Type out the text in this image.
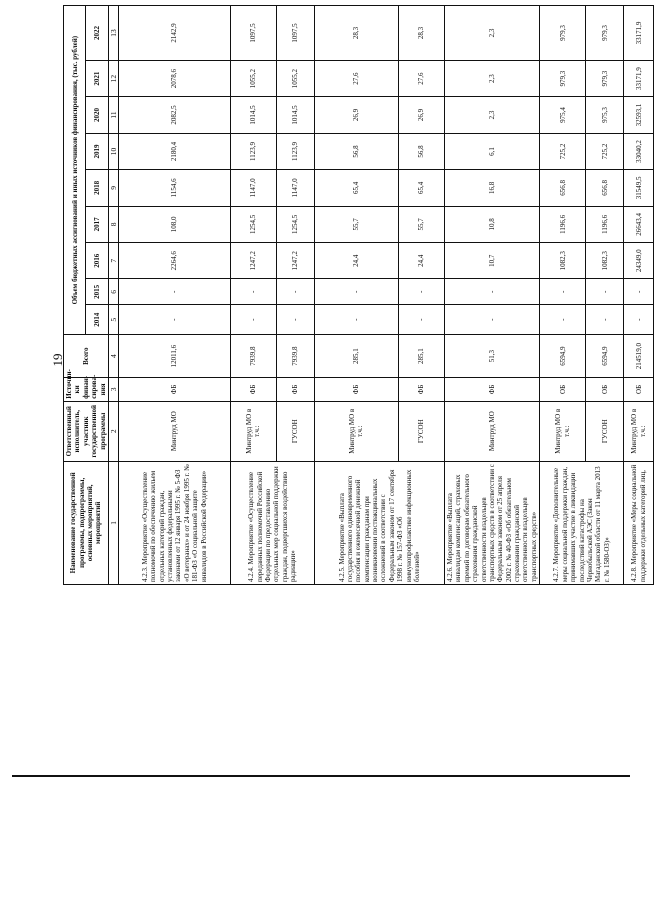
19
Наименование государственной программы, подпрограммы, основных мероприятий, мероприятий	Ответственный исполнитель, участник государственной программы	Источни-ки финан-сирова-ния	Всего	Объем бюджетных ассигнований и иных источников финансирования, (тыс. рублей)								
				2014	2015	2016	2017	2018	2019	2020	2021	2022
1	2	3	4	5	6	7	8	9	10	11	12	13
4.2.3. Мероприятие «Осуществление полномочий по обеспечению жильем отдельных категорий граждан, установленных федеральными законами от 12 января 1995 г. № 5-ФЗ «О ветеранах» и от 24 ноября 1995 г. № 181-ФЗ «О социальной защите инвалидов в Российской Федерации»	Минтруд МО	ФБ	12011,6	-	-	2264,6	108,0	1154,6	2180,4	2082,5	2078,6	2142,9
4.2.4. Мероприятие «Осуществление переданных полномочий Российской Федерации по предоставлению отдельных мер социальной поддержки граждан, подвергшихся воздействию радиации»	Минтруд МО в т.ч.:	ФБ	7939,8	-	-	1247,2	1254,5	1147,0	1123,9	1014,5	1055,2	1097,5
	ГУСОН	ФБ	7939,8	-	-	1247,2	1254,5	1147,0	1123,9	1014,5	1055,2	1097,5
4.2.5. Мероприятие «Выплата государственного единовременного пособия и ежемесячной денежной компенсации гражданам при возникновении поствакцинальных осложнений в соответствии с Федеральным законом от 17 сентября 1998 г. № 157-ФЗ «Об иммунопрофилактике инфекционных болезней»	Минтруд МО в т.ч.:	ФБ	285,1	-	-	24,4	55,7	65,4	56,8	26,9	27,6	28,3
	ГУСОН	ФБ	285,1	-	-	24,4	55,7	65,4	56,8	26,9	27,6	28,3
4.2.6. Мероприятие «Выплата инвалидам компенсаций, страховых премий по договорам обязательного страхования гражданской ответственности владельцев транспортных средств в соответствии с Федеральным законом от 25 апреля 2002 г. № 40-ФЗ «Об обязательном страховании гражданской ответственности владельцев транспортных средств»	Минтруд МО	ФБ	51,3	-	-	10,7	10,8	16,8	6,1	2,3	2,3	2,3
4.2.7. Мероприятие «Дополнительные меры социальной поддержки граждан, принимавших участие в ликвидации последствий катастрофы на Чернобыльской АЭС (Закон Магаданской области от 11 марта 2013 г. № 1580-ОЗ)»	Минтруд МО в т.ч.:	ОБ	6594,9	-	-	1082,3	1196,6	656,8	725,2	975,4	979,3	979,3
	ГУСОН	ОБ	6594,9	-	-	1082,3	1196,6	656,8	725,2	975,3	979,3	979,3
4.2.8. Мероприятие «Меры социальной поддержки отдельных категорий лиц,	Минтруд МО в т.ч.:	ОБ	214519,0	-	-	24349,0	26643,4	31549,5	33040,2	32593,1	33171,9	33171,9
